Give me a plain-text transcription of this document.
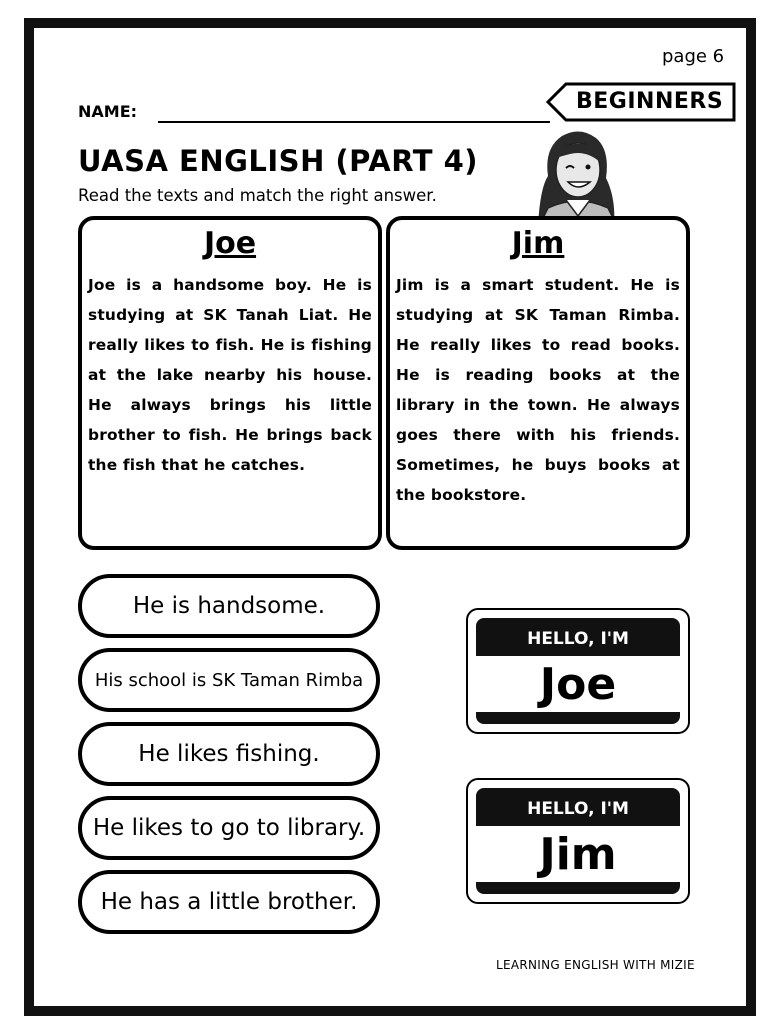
page 6
BEGINNERS
NAME:
UASA ENGLISH (PART 4)
Read the texts and match the right answer.
Joe
Joe is a handsome boy. He is studying at SK Tanah Liat. He really likes to fish. He is fishing at the lake nearby his house. He always brings his little brother to fish. He brings back the fish that he catches.
Jim
Jim is a smart student. He is studying at SK Taman Rimba. He really likes to read books. He is reading books at the library in the town. He always goes there with his friends. Sometimes, he buys books at the bookstore.
He is handsome.
His school is SK Taman Rimba
He likes fishing.
He likes to go to library.
He has a little brother.
HELLO, I'M
Joe
HELLO, I'M
Jim
LEARNING ENGLISH WITH MIZIE
